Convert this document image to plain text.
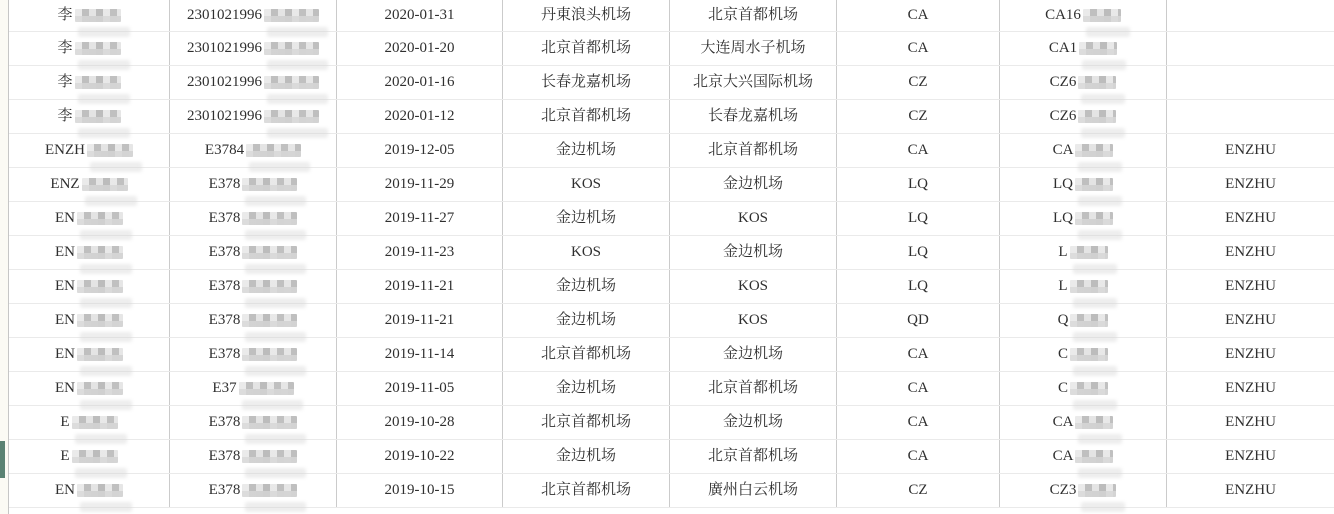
李	2301021996	2020-01-31	丹東浪头机场	北京首都机场	CA	CA16
李	2301021996	2020-01-20	北京首都机场	大连周水子机场	CA	CA1
李	2301021996	2020-01-16	长春龙嘉机场	北京大兴国际机场	CZ	CZ6
李	2301021996	2020-01-12	北京首都机场	长春龙嘉机场	CZ	CZ6
ENZH	E3784	2019-12-05	金边机场	北京首都机场	CA	CA	ENZHU
ENZ	E378	2019-11-29	KOS	金边机场	LQ	LQ	ENZHU
EN	E378	2019-11-27	金边机场	KOS	LQ	LQ	ENZHU
EN	E378	2019-11-23	KOS	金边机场	LQ	L	ENZHU
EN	E378	2019-11-21	金边机场	KOS	LQ	L	ENZHU
EN	E378	2019-11-21	金边机场	KOS	QD	Q	ENZHU
EN	E378	2019-11-14	北京首都机场	金边机场	CA	C	ENZHU
EN	E37	2019-11-05	金边机场	北京首都机场	CA	C	ENZHU
E	E378	2019-10-28	北京首都机场	金边机场	CA	CA	ENZHU
E	E378	2019-10-22	金边机场	北京首都机场	CA	CA	ENZHU
EN	E378	2019-10-15	北京首都机场	廣州白云机场	CZ	CZ3	ENZHU
